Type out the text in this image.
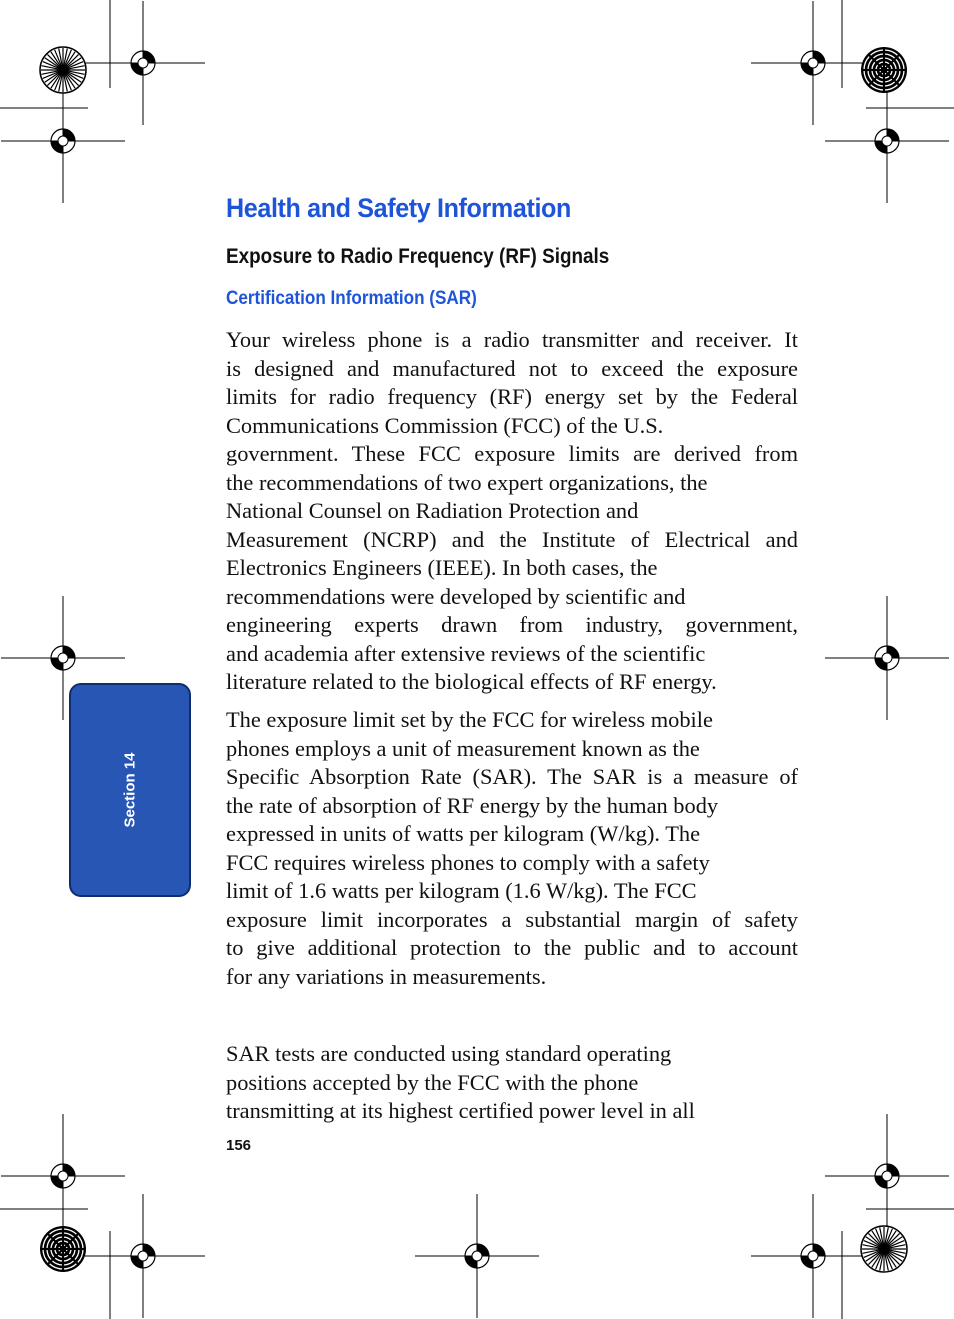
Health and Safety Information
Exposure to Radio Frequency (RF) Signals
Certification Information (SAR)

Your wireless phone is a radio transmitter and receiver. It
is designed and manufactured not to exceed the exposure
limits for radio frequency (RF) energy set by the Federal
Communications Commission (FCC) of the U.S.
government. These FCC exposure limits are derived from
the recommendations of two expert organizations, the
National Counsel on Radiation Protection and
Measurement (NCRP) and the Institute of Electrical and
Electronics Engineers (IEEE). In both cases, the
recommendations were developed by scientific and
engineering experts drawn from industry, government,
and academia after extensive reviews of the scientific
literature related to the biological effects of RF energy.

The exposure limit set by the FCC for wireless mobile
phones employs a unit of measurement known as the
Specific Absorption Rate (SAR). The SAR is a measure of
the rate of absorption of RF energy by the human body
expressed in units of watts per kilogram (W/kg). The
FCC requires wireless phones to comply with a safety
limit of 1.6 watts per kilogram (1.6 W/kg). The FCC
exposure limit incorporates a substantial margin of safety
to give additional protection to the public and to account
for any variations in measurements.

SAR tests are conducted using standard operating
positions accepted by the FCC with the phone
transmitting at its highest certified power level in all

156
Section 14
